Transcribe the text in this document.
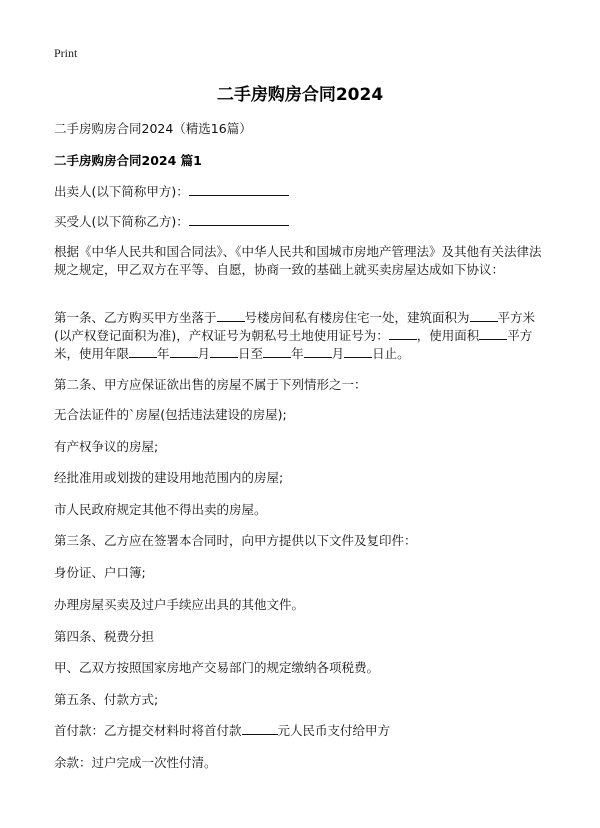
Print
二手房购房合同2024
二手房购房合同2024（精选16篇）
二手房购房合同2024 篇1
出卖人(以下简称甲方)：
买受人(以下简称乙方)：
根据《中华人民共和国合同法》、《中华人民共和国城市房地产管理法》及其他有关法律法规之规定，甲乙双方在平等、自愿，协商一致的基础上就买卖房屋达成如下协议：
第一条、乙方购买甲方坐落于 号楼房间私有楼房住宅一处，建筑面积为 平方米(以产权登记面积为准)，产权证号为朝私号土地使用证号为： ，使用面积 平方米，使用年限 年 月 日至 年 月 日止。
第二条、甲方应保证欲出售的房屋不属于下列情形之一：
无合法证件的`房屋(包括违法建设的房屋);
有产权争议的房屋;
经批准用或划拨的建设用地范围内的房屋;
市人民政府规定其他不得出卖的房屋。
第三条、乙方应在签署本合同时，向甲方提供以下文件及复印件：
身份证、户口簿;
办理房屋买卖及过户手续应出具的其他文件。
第四条、税费分担
甲、乙双方按照国家房地产交易部门的规定缴纳各项税费。
第五条、付款方式;
首付款：乙方提交材料时将首付款	元人民币支付给甲方
余款：过户完成一次性付清。
